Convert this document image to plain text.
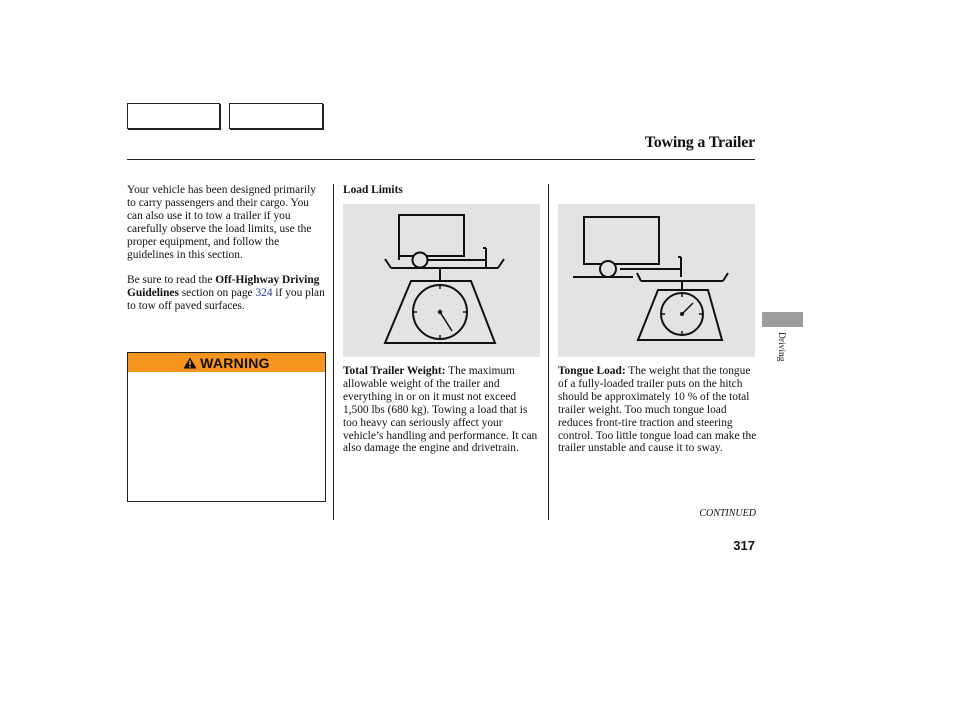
Towing a Trailer

Your vehicle has been designed primarily to carry passengers and their cargo. You can also use it to tow a trailer if you carefully observe the load limits, use the proper equipment, and follow the guidelines in this section.

Be sure to read the Off-Highway Driving Guidelines section on page 324 if you plan to tow off paved surfaces.

WARNING
Load Limits

Total Trailer Weight: The maximum allowable weight of the trailer and everything in or on it must not exceed 1,500 lbs (680 kg). Towing a load that is too heavy can seriously affect your vehicle’s handling and performance. It can also damage the engine and drivetrain.

Tongue Load: The weight that the tongue of a fully-loaded trailer puts on the hitch should be approximately 10 % of the total trailer weight. Too much tongue load reduces front-tire traction and steering control. Too little tongue load can make the trailer unstable and cause it to sway.

Driving
CONTINUED
317
